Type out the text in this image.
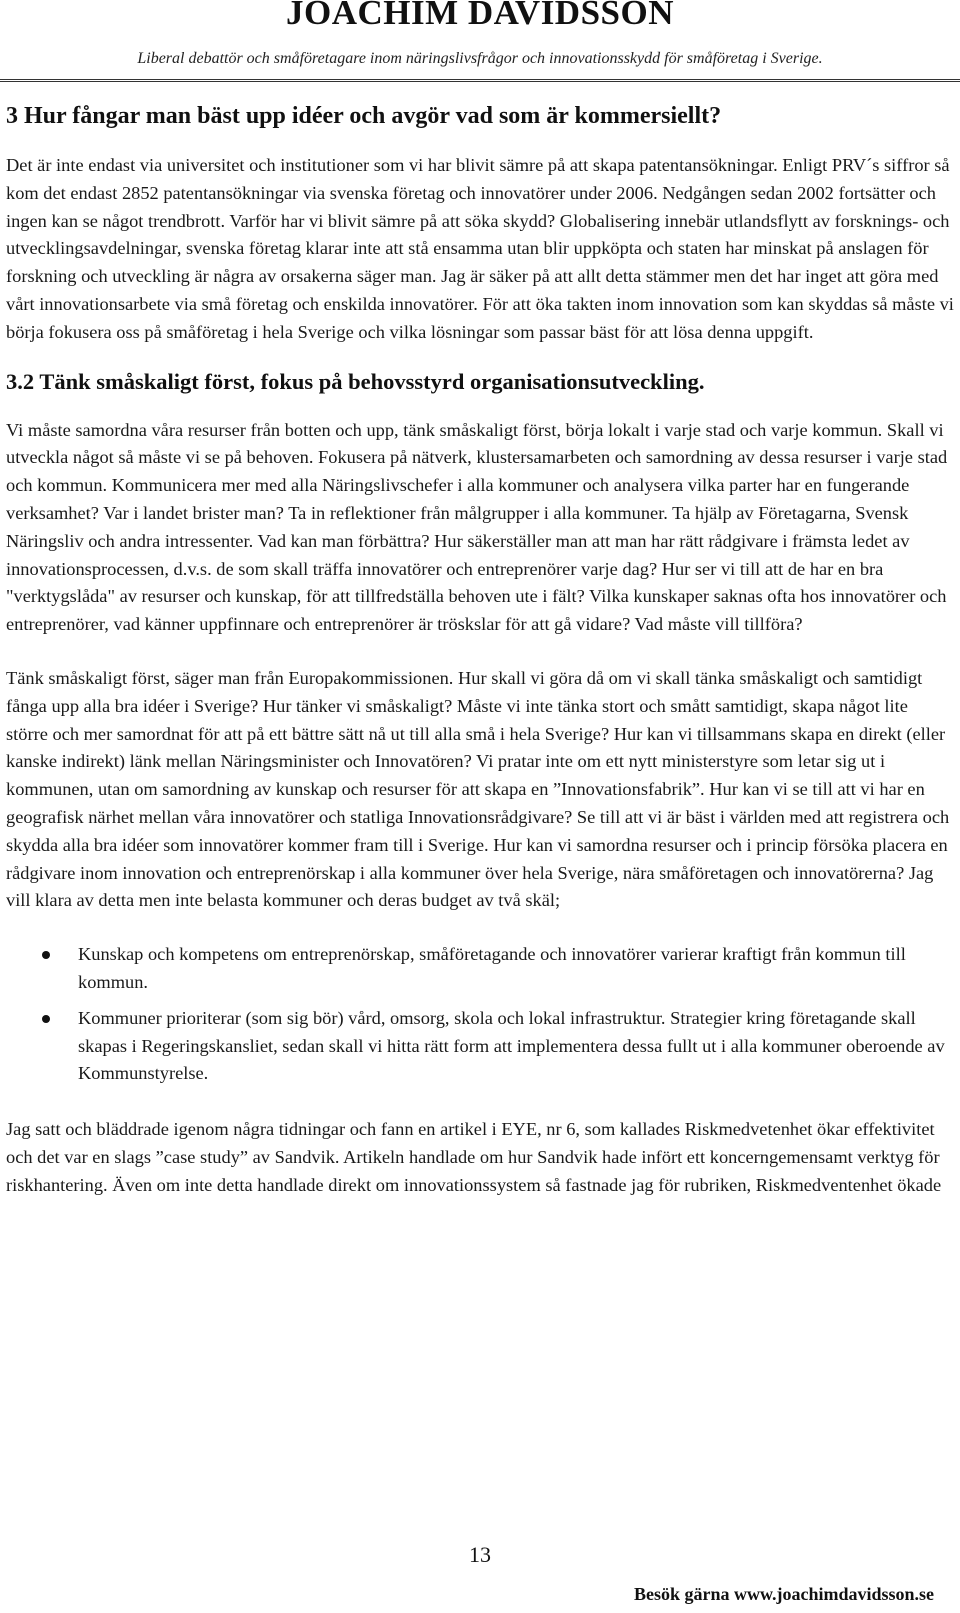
JOACHIM DAVIDSSON
Liberal debattör och småföretagare inom näringslivsfrågor och innovationsskydd för småföretag i Sverige.
3 Hur fångar man bäst upp idéer och avgör vad som är kommersiellt?

Det är inte endast via universitet och institutioner som vi har blivit sämre på att skapa patentansökningar. Enligt PRV´s siffror så kom det endast 2852 patentansökningar via svenska företag och innovatörer under 2006. Nedgången sedan 2002 fortsätter och ingen kan se något trendbrott. Varför har vi blivit sämre på att söka skydd? Globalisering innebär utlandsflytt av forsknings- och utvecklingsavdelningar, svenska företag klarar inte att stå ensamma utan blir uppköpta och staten har minskat på anslagen för forskning och utveckling är några av orsakerna säger man. Jag är säker på att allt detta stämmer men det har inget att göra med vårt innovationsarbete via små företag och enskilda innovatörer. För att öka takten inom innovation som kan skyddas så måste vi börja fokusera oss på småföretag i hela Sverige och vilka lösningar som passar bäst för att lösa denna uppgift.

3.2 Tänk småskaligt först, fokus på behovsstyrd organisationsutveckling.

Vi måste samordna våra resurser från botten och upp, tänk småskaligt först, börja lokalt i varje stad och varje kommun. Skall vi utveckla något så måste vi se på behoven. Fokusera på nätverk, klustersamarbeten och samordning av dessa resurser i varje stad och kommun. Kommunicera mer med alla Näringslivschefer i alla kommuner och analysera vilka parter har en fungerande verksamhet? Var i landet brister man? Ta in reflektioner från målgrupper i alla kommuner. Ta hjälp av Företagarna, Svensk Näringsliv och andra intressenter. Vad kan man förbättra? Hur säkerställer man att man har rätt rådgivare i främsta ledet av innovationsprocessen, d.v.s. de som skall träffa innovatörer och entreprenörer varje dag? Hur ser vi till att de har en bra "verktygslåda" av resurser och kunskap, för att tillfredställa behoven ute i fält? Vilka kunskaper saknas ofta hos innovatörer och entreprenörer, vad känner uppfinnare och entreprenörer är tröskslar för att gå vidare? Vad måste vill tillföra?

Tänk småskaligt först, säger man från Europakommissionen. Hur skall vi göra då om vi skall tänka småskaligt och samtidigt fånga upp alla bra idéer i Sverige? Hur tänker vi småskaligt? Måste vi inte tänka stort och smått samtidigt, skapa något lite större och mer samordnat för att på ett bättre sätt nå ut till alla små i hela Sverige? Hur kan vi tillsammans skapa en direkt (eller kanske indirekt) länk mellan Näringsminister och Innovatören? Vi pratar inte om ett nytt ministerstyre som letar sig ut i kommunen, utan om samordning av kunskap och resurser för att skapa en ”Innovationsfabrik”. Hur kan vi se till att vi har en geografisk närhet mellan våra innovatörer och statliga Innovationsrådgivare? Se till att vi är bäst i världen med att registrera och skydda alla bra idéer som innovatörer kommer fram till i Sverige. Hur kan vi samordna resurser och i princip försöka placera en rådgivare inom innovation och entreprenörskap i alla kommuner över hela Sverige, nära småföretagen och innovatörerna? Jag vill klara av detta men inte belasta kommuner och deras budget av två skäl;

Kunskap och kompetens om entreprenörskap, småföretagande och innovatörer varierar kraftigt från kommun till kommun.
Kommuner prioriterar (som sig bör) vård, omsorg, skola och lokal infrastruktur. Strategier kring företagande skall skapas i Regeringskansliet, sedan skall vi hitta rätt form att implementera dessa fullt ut i alla kommuner oberoende av Kommunstyrelse.

Jag satt och bläddrade igenom några tidningar och fann en artikel i EYE, nr 6, som kallades Riskmedvetenhet ökar effektivitet och det var en slags ”case study” av Sandvik. Artikeln handlade om hur Sandvik hade infört ett koncerngemensamt verktyg för riskhantering. Även om inte detta handlade direkt om innovationssystem så fastnade jag för rubriken, Riskmedventenhet ökade

13
Besök gärna www.joachimdavidsson.se
